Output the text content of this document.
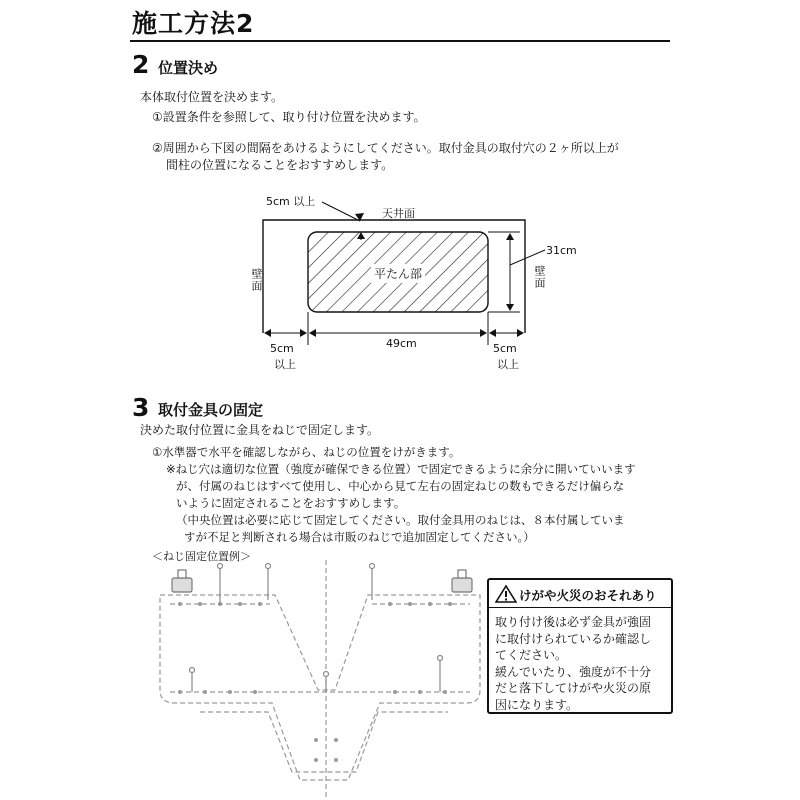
施工方法2
2 位置決め
本体取付位置を決めます。
①設置条件を参照して、取り付け位置を決めます。
②周囲から下図の間隔をあけるようにしてください。取付金具の取付穴の２ヶ所以上が
間柱の位置になることをおすすめします。
5cm 以上
天井面
壁面	壁面
平たん部
31cm
49cm
5cm
以上
5cm
以上
3 取付金具の固定
決めた取付位置に金具をねじで固定します。
①水準器で水平を確認しながら、ねじの位置をけがきます。
※ねじ穴は適切な位置（強度が確保できる位置）で固定できるように余分に開いていいます
が、付属のねじはすべて使用し、中心から見て左右の固定ねじの数もできるだけ偏らな
いように固定されることをおすすめします。
（中央位置は必要に応じて固定してください。取付金具用のねじは、８本付属していま
すが不足と判断される場合は市販のねじで追加固定してください。）
＜ねじ固定位置例＞
けがや火災のおそれあり
取り付け後は必ず金具が強固
に取付けられているか確認し
てください。
緩んでいたり、強度が不十分
だと落下してけがや火災の原
因になります。
